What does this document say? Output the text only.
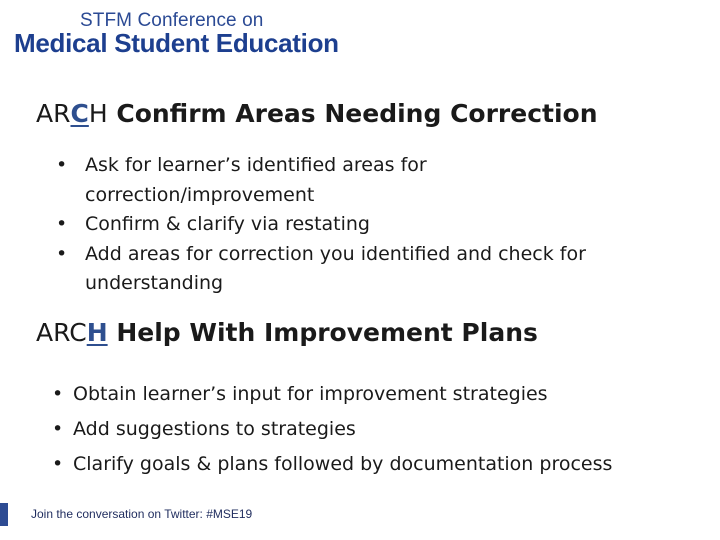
STFM Conference on
Medical Student Education
ARCH Confirm Areas Needing Correction
• Ask for learner’s identified areas for correction/improvement
• Confirm & clarify via restating
• Add areas for correction you identified and check for understanding
ARCH Help With Improvement Plans
• Obtain learner’s input for improvement strategies
• Add suggestions to strategies
• Clarify goals & plans followed by documentation process
Join the conversation on Twitter: #MSE19
